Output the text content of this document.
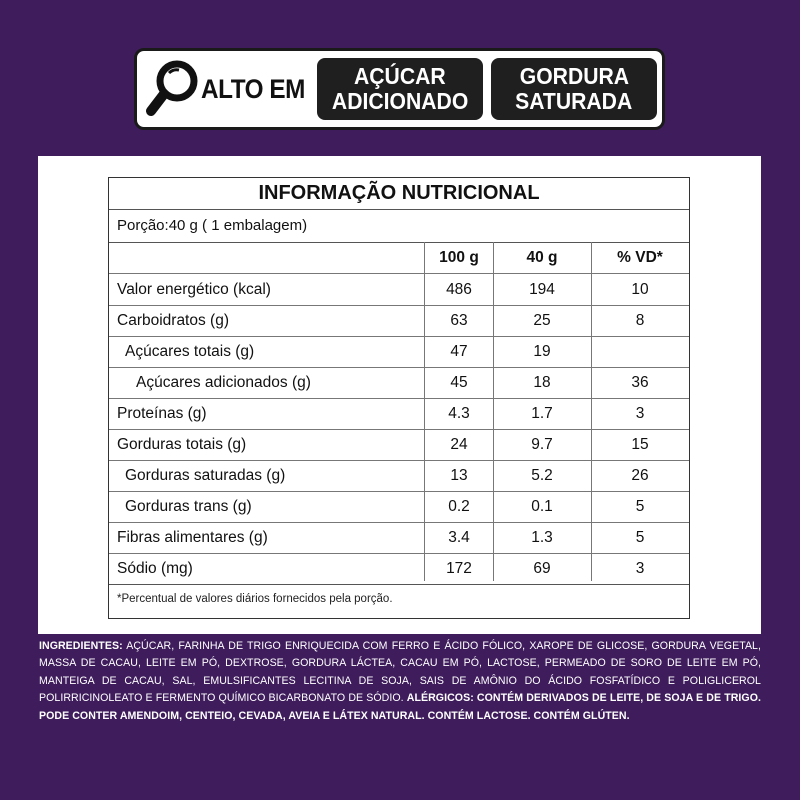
ALTO EM	AÇÚCAR
ADICIONADO
GORDURA
SATURADA
INFORMAÇÃO NUTRICIONAL
Porção:40 g ( 1 embalagem)
100 g	40 g	% VD*
Valor energético (kcal)	486	194	10
Carboidratos (g)	63	25	8
Açúcares totais (g)	47	19
Açúcares adicionados (g)	45	18	36
Proteínas (g)	4.3	1.7	3
Gorduras totais (g)	24	9.7	15
Gorduras saturadas (g)	13	5.2	26
Gorduras trans (g)	0.2	0.1	5
Fibras alimentares (g)	3.4	1.3	5
Sódio (mg)	172	69	3
*Percentual de valores diários fornecidos pela porção.
INGREDIENTES: AÇÚCAR, FARINHA DE TRIGO ENRIQUECIDA COM FERRO E ÁCIDO FÓLICO, XAROPE DE GLICOSE, GORDURA VEGETAL, MASSA DE CACAU, LEITE EM PÓ, DEXTROSE, GORDURA LÁCTEA, CACAU EM PÓ, LACTOSE, PERMEADO DE SORO DE LEITE EM PÓ, MANTEIGA DE CACAU, SAL, EMULSIFICANTES LECITINA DE SOJA, SAIS DE AMÔNIO DO ÁCIDO FOSFATÍDICO E POLIGLICEROL POLIRRICINOLEATO E FERMENTO QUÍMICO BICARBONATO DE SÓDIO. ALÉRGICOS: CONTÉM DERIVADOS DE LEITE, DE SOJA E DE TRIGO. PODE CONTER AMENDOIM, CENTEIO, CEVADA, AVEIA E LÁTEX NATURAL. CONTÉM LACTOSE. CONTÉM GLÚTEN.
